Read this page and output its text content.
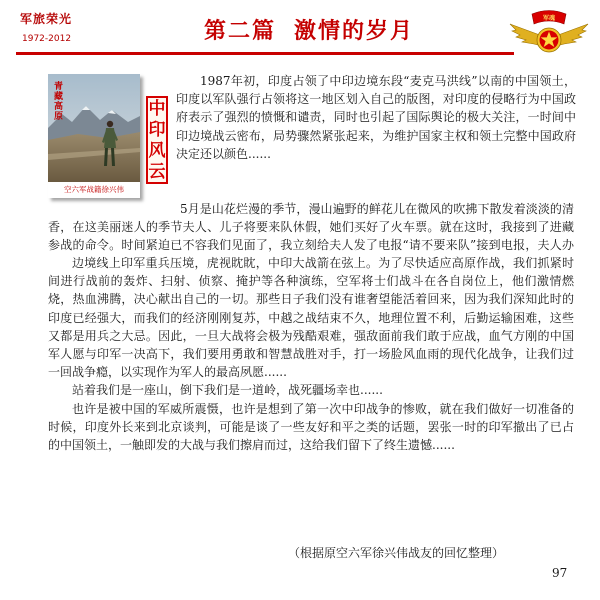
军旅荣光
1972-2012	第二篇 激情的岁月
军魂
青藏高原
空六军战籍徐兴伟
中印风云

1987年初，印度占领了中印边境东段“麦克马洪线”以南的中国领土，印度以军队强行占领将这一地区划入自己的版图，对印度的侵略行为中国政府表示了强烈的愤慨和谴责，同时也引起了国际舆论的极大关注，一时间中印边境战云密布，局势骤然紧张起来，为维护国家主权和领土完整中国政府决定还以颜色......

边境线上印军重兵压境，虎视眈眈，中印大战箭在弦上。为了尽快适应高原作战，我们抓紧时间进行战前的轰炸、扫射、侦察、掩护等各种演练，空军将士们战斗在各自岗位上，他们激情燃烧，热血沸腾，决心献出自己的一切。那些日子我们没有谁奢望能活着回来，因为我们深知此时的印度已经强大，而我们的经济刚刚复苏，中越之战结束不久，地理位置不利，后勤运输困难，这些又都是用兵之大忌。因此，一旦大战将会极为残酷艰难，强敌面前我们敢于应战，血气方刚的中国军人愿与印军一决高下，我们要用勇敢和智慧战胜对手，打一场脸风血雨的现代化战争，让我们过一回战争瘾，以实现作为军人的最高夙愿......

站着我们是一座山，倒下我们是一道岭，战死疆场幸也......

也许是被中国的军威所震慑，也许是想到了第一次中印战争的惨败，就在我们做好一切准备的时候，印度外长来到北京谈判，可能是谈了一些友好和平之类的话题，罢张一时的印军撤出了已占的中国领土，一触即发的大战与我们擦肩而过，这给我们留下了终生遗憾......

5月是山花烂漫的季节，漫山遍野的鲜花儿在微风的吹拂下散发着淡淡的清香，在这美丽迷人的季节夫人、儿子将要来队休假，她们买好了火车票。就在这时，我接到了进藏参战的命令。时间紧迫已不容我们见面了，我立刻给夫人发了电报“请不要来队”接到电报，夫人办
（根据原空六军徐兴伟战友的回忆整理）
97
